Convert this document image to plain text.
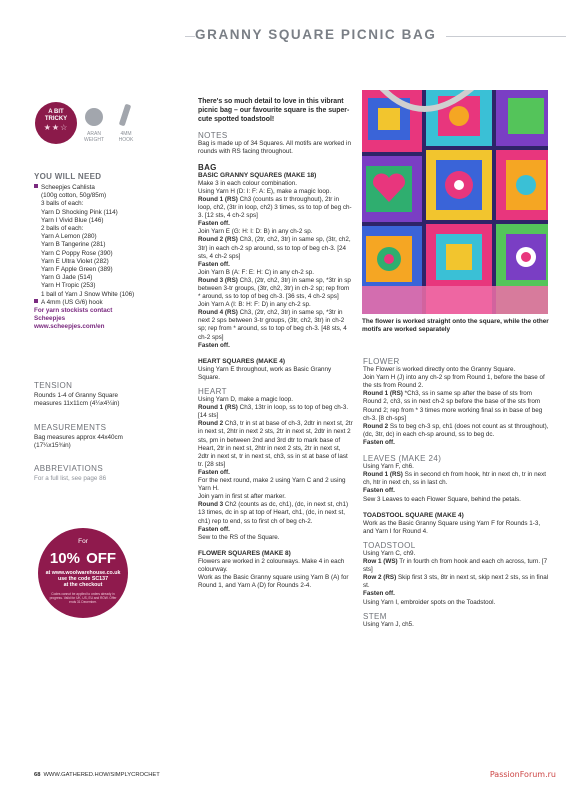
GRANNY SQUARE PICNIC BAG
A BIT
TRICKY
★★☆
ARAN
WEIGHT
4MM
HOOK
YOU WILL NEED
Scheepjes Cahlista
(100g cotton, 50g/85m)
3 balls of each:
Yarn D Shocking Pink (114)
Yarn I Vivid Blue (146)
2 balls of each:
Yarn A Lemon (280)
Yarn B Tangerine (281)
Yarn C Poppy Rose (390)
Yarn E Ultra Violet (282)
Yarn F Apple Green (389)
Yarn G Jade (514)
Yarn H Tropic (253)
1 ball of Yarn J Snow White (106)
A 4mm (US G/6) hook
For yarn stockists contact
Scheepjes
www.scheepjes.com/en
TENSION
Rounds 1-4 of Granny Square
measures 11x11cm (4¼x4¼in)
MEASUREMENTS
Bag measures approx 44x40cm
(17¼x15¾in)
ABBREVIATIONS
For a full list, see page 86
For
10% OFF
at www.woolwarehouse.co.uk
use the code SC137
at the checkout
Codes cannot be applied to orders already in progress. Valid for UK, US, EU and ROW. Offer ends 31 December.

There's so much detail to love in this vibrant picnic bag – our favourite square is the super-cute spotted toadstool!

NOTES

Bag is made up of 34 Squares. All motifs are worked in rounds with RS facing throughout.

BAG

BASIC GRANNY SQUARES (MAKE 18)

Make 3 in each colour combination.

Using Yarn H (D: I: F: A: E), make a magic loop.

Round 1 (RS) Ch3 (counts as tr throughout), 2tr in loop, ch2, (3tr in loop, ch2) 3 times, ss to top of beg ch-3. [12 sts, 4 ch-2 sps]

Fasten off.

Join Yarn E (G: H: I: D: B) in any ch-2 sp.

Round 2 (RS) Ch3, (2tr, ch2, 3tr) in same sp, (3tr, ch2, 3tr) in each ch-2 sp around, ss to top of beg ch-3. [24 sts, 4 ch-2 sps]

Fasten off.

Join Yarn B (A: F: E: H: C) in any ch-2 sp.

Round 3 (RS) Ch3, (2tr, ch2, 3tr) in same sp, *3tr in sp between 3-tr groups, (3tr, ch2, 3tr) in ch-2 sp; rep from * around, ss to top of beg ch-3. [36 sts, 4 ch-2 sps]

Join Yarn A (I: B: H: F: D) in any ch-2 sp.

Round 4 (RS) Ch3, (2tr, ch2, 3tr) in same sp, *3tr in next 2 sps between 3-tr groups, (3tr, ch2, 3tr) in ch-2 sp; rep from * around, ss to top of beg ch-3. [48 sts, 4 ch-2 sps]

Fasten off.

HEART SQUARES (MAKE 4)

Using Yarn E throughout, work as Basic Granny Square.

HEART

Using Yarn D, make a magic loop.

Round 1 (RS) Ch3, 13tr in loop, ss to top of beg ch-3. [14 sts]

Round 2 Ch3, tr in st at base of ch-3, 2dtr in next st, 2tr in next st, 2htr in next 2 sts, 2tr in next st, 2dtr in next 2 sts, pm in between 2nd and 3rd dtr to mark base of Heart, 2tr in next st, 2htr in next 2 sts, 2tr in next st, 2dtr in next st, tr in next st, ch3, ss in st at base of last tr. [28 sts]

Fasten off.

For the next round, make 2 using Yarn C and 2 using Yarn H.

Join yarn in first st after marker.

Round 3 Ch2 (counts as dc, ch1), (dc, in next st, ch1) 13 times, dc in sp at top of Heart, ch1, (dc, in next st, ch1) rep to end, ss to first ch of beg ch-2.

Fasten off.

Sew to the RS of the Square.

FLOWER SQUARES (MAKE 8)

Flowers are worked in 2 colourways. Make 4 in each colourway.

Work as the Basic Granny square using Yarn B (A) for Round 1, and Yarn A (D) for Rounds 2-4.

The flower is worked straight onto the square, while the other motifs are worked separately

FLOWER

The Flower is worked directly onto the Granny Square.

Join Yarn H (J) into any ch-2 sp from Round 1, before the base of the sts from Round 2.

Round 1 (RS) *Ch3, ss in same sp after the base of sts from Round 2, ch3, ss in next ch-2 sp before the base of the sts from Round 2; rep from * 3 times more working final ss in base of beg ch-3. [8 ch-sps]

Round 2 Ss to beg ch-3 sp, ch1 (does not count as st throughout), (dc, 3tr, dc) in each ch-sp around, ss to beg dc.

Fasten off.

LEAVES (MAKE 24)

Using Yarn F, ch6.

Round 1 (RS) Ss in second ch from hook, htr in next ch, tr in next ch, htr in next ch, ss in last ch.

Fasten off.

Sew 3 Leaves to each Flower Square, behind the petals.

TOADSTOOL SQUARE (MAKE 4)

Work as the Basic Granny Square using Yarn F for Rounds 1-3, and Yarn I for Round 4.

TOADSTOOL

Using Yarn C, ch9.

Row 1 (WS) Tr in fourth ch from hook and each ch across, turn. [7 sts]

Row 2 (RS) Skip first 3 sts, 8tr in next st, skip next 2 sts, ss in final st.

Fasten off.

Using Yarn I, embroider spots on the Toadstool.

STEM

Using Yarn J, ch5.

68 WWW.GATHERED.HOW/SIMPLYCROCHET	PassionForum.ru
